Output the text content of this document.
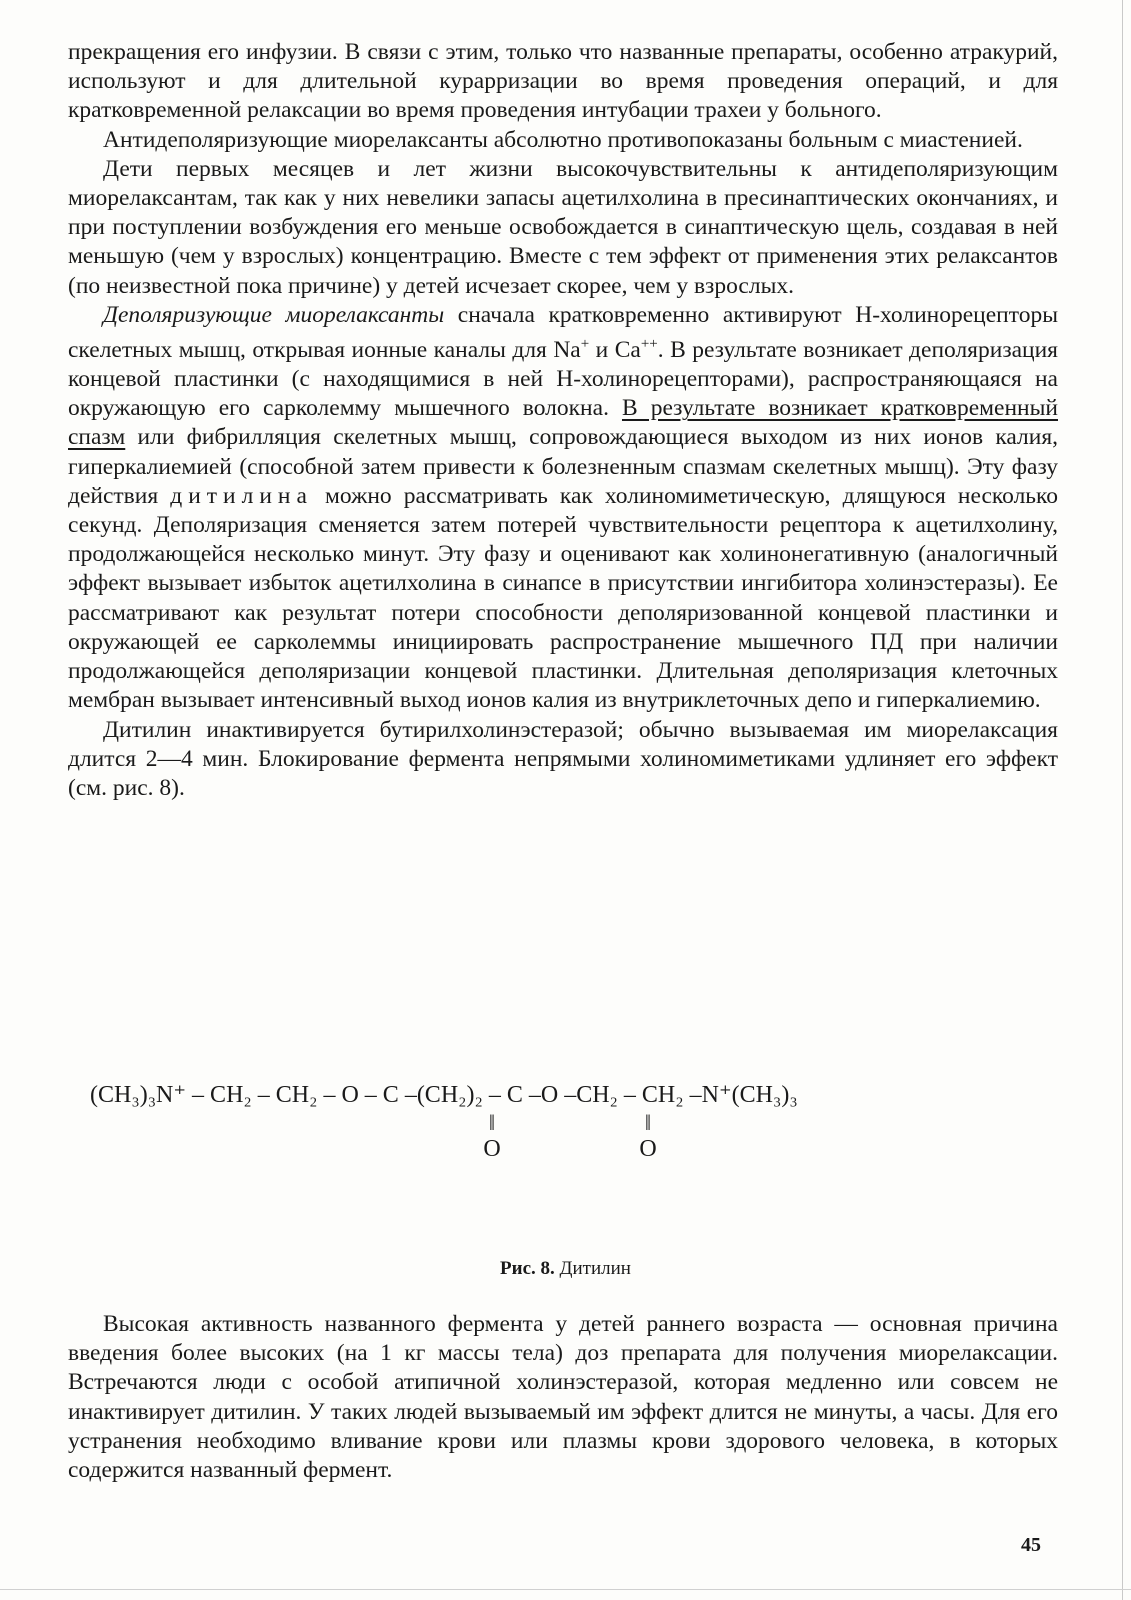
прекращения его инфузии. В связи с этим, только что названные препараты, особенно атракурий, используют и для длительной курарризации во время проведения операций, и для кратковременной релаксации во время проведения интубации трахеи у больного.

Антидеполяризующие миорелаксанты абсолютно противопоказаны больным с миастенией.

Дети первых месяцев и лет жизни высокочувствительны к антидеполяризующим миорелаксантам, так как у них невелики запасы ацетилхолина в пресинаптических окончаниях, и при поступлении возбуждения его меньше освобождается в синаптическую щель, создавая в ней меньшую (чем у взрослых) концентрацию. Вместе с тем эффект от применения этих релаксантов (по неизвестной пока причине) у детей исчезает скорее, чем у взрослых.

Деполяризующие миорелаксанты сначала кратковременно активируют Н-холинорецепторы скелетных мышц, открывая ионные каналы для Na+ и Ca++. В результате возникает деполяризация концевой пластинки (с находящимися в ней Н-холинорецепторами), распространяющаяся на окружающую его сарколемму мышечного волокна. В результате возникает кратковременный спазм или фибрилляция скелетных мышц, сопровождающиеся выходом из них ионов калия, гиперкалиемией (способной затем привести к болезненным спазмам скелетных мышц). Эту фазу действия дитилина можно рассматривать как холиномиметическую, длящуюся несколько секунд. Деполяризация сменяется затем потерей чувствительности рецептора к ацетилхолину, продолжающейся несколько минут. Эту фазу и оценивают как холинонегативную (аналогичный эффект вызывает избыток ацетилхолина в синапсе в присутствии ингибитора холинэстеразы). Ее рассматривают как результат потери способности деполяризованной концевой пластинки и окружающей ее сарколеммы инициировать распространение мышечного ПД при наличии продолжающейся деполяризации концевой пластинки. Длительная деполяризация клеточных мембран вызывает интенсивный выход ионов калия из внутриклеточных депо и гиперкалиемию.

Дитилин инактивируется бутирилхолинэстеразой; обычно вызываемая им миорелаксация длится 2—4 мин. Блокирование фермента непрямыми холиномиметиками удлиняет его эффект (см. рис. 8).

(CH₃)₃N⁺ – CH₂ – CH₂ – O – C –(CH₂)₂ – C –O –CH₂ – CH₂ –N⁺(CH₃)₃
‖
O
‖
O
Рис. 8. Дитилин

Высокая активность названного фермента у детей раннего возраста — основная причина введения более высоких (на 1 кг массы тела) доз препарата для получения миорелаксации. Встречаются люди с особой атипичной холинэстеразой, которая медленно или совсем не инактивирует дитилин. У таких людей вызываемый им эффект длится не минуты, а часы. Для его устранения необходимо вливание крови или плазмы крови здорового человека, в которых содержится названный фермент.

45
